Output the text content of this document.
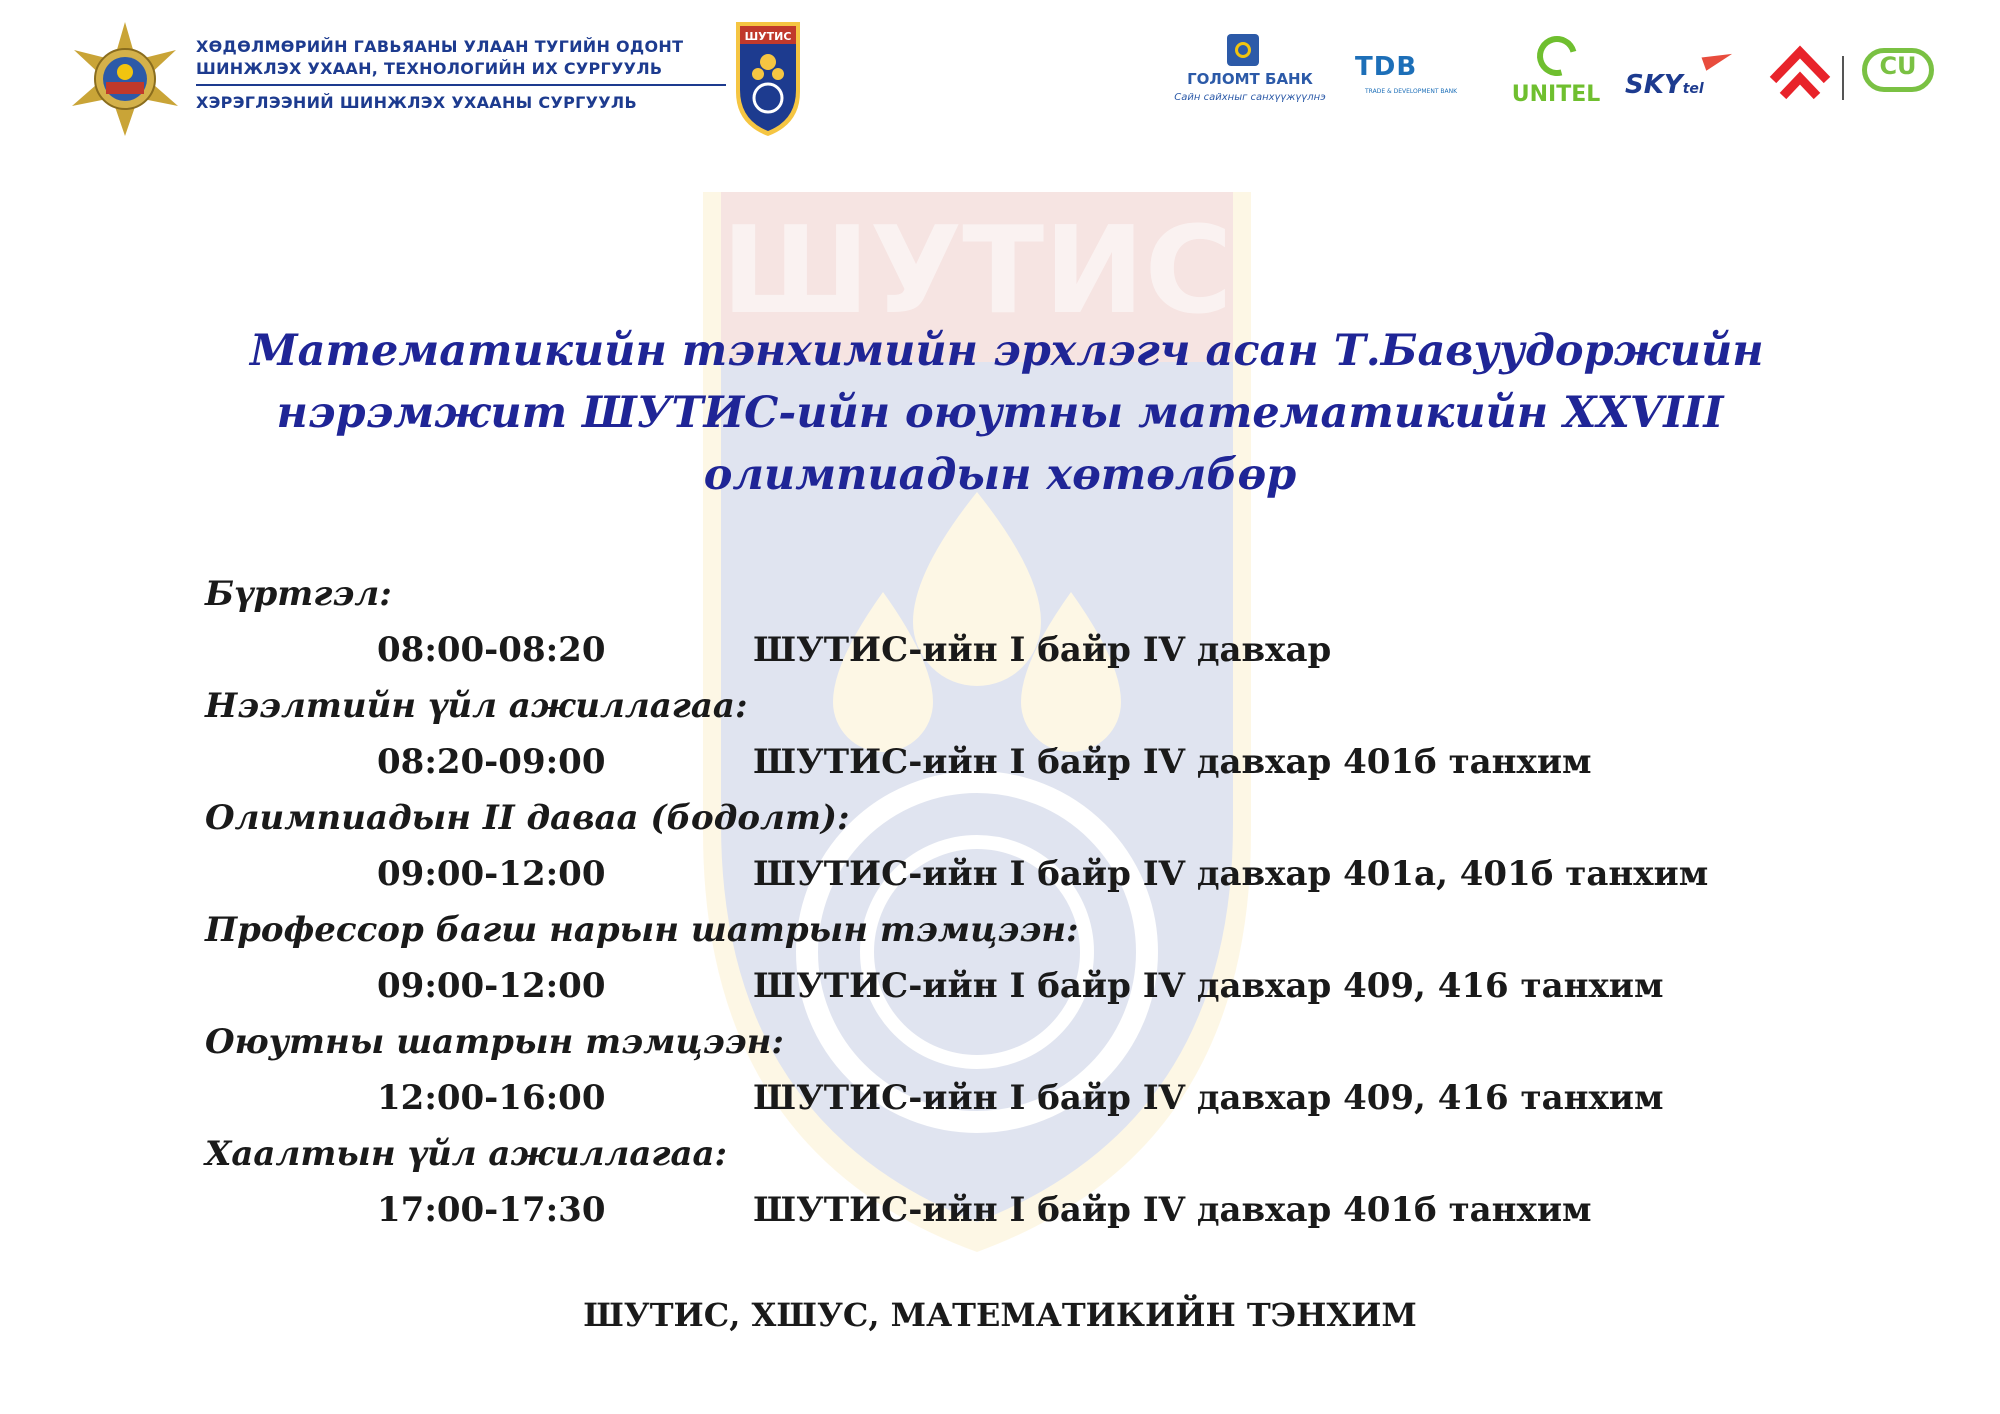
ШУТИС
ХӨДӨЛМӨРИЙН ГАВЬЯАНЫ УЛААН ТУГИЙН ОДОНТ
ШИНЖЛЭХ УХААН, ТЕХНОЛОГИЙН ИХ СУРГУУЛЬ
ХЭРЭГЛЭЭНИЙ ШИНЖЛЭХ УХААНЫ СУРГУУЛЬ
ШУТИС
ГОЛОМТ БАНК
Сайн сайхныг санхүүжүүлнэ
TDB
TRADE & DEVELOPMENT BANK	UNITEL SKYtel
CU
Математикийн тэнхимийн эрхлэгч асан Т.Бавуудоржийн
нэрэмжит ШУТИС-ийн оюутны математикийн XXVIII
олимпиадын хөтөлбөр
Бүртгэл:
08:00-08:20	ШУТИС-ийн I байр IV давхар
Нээлтийн үйл ажиллагаа:
08:20-09:00	ШУТИС-ийн I байр IV давхар 401б танхим
Олимпиадын II даваа (бодолт):
09:00-12:00	ШУТИС-ийн I байр IV давхар 401а, 401б танхим
Профессор багш нарын шатрын тэмцээн:
09:00-12:00	ШУТИС-ийн I байр IV давхар 409, 416 танхим
Оюутны шатрын тэмцээн:
12:00-16:00	ШУТИС-ийн I байр IV давхар 409, 416 танхим
Хаалтын үйл ажиллагаа:
17:00-17:30	ШУТИС-ийн I байр IV давхар 401б танхим
ШУТИС, ХШУС, МАТЕМАТИКИЙН ТЭНХИМ
